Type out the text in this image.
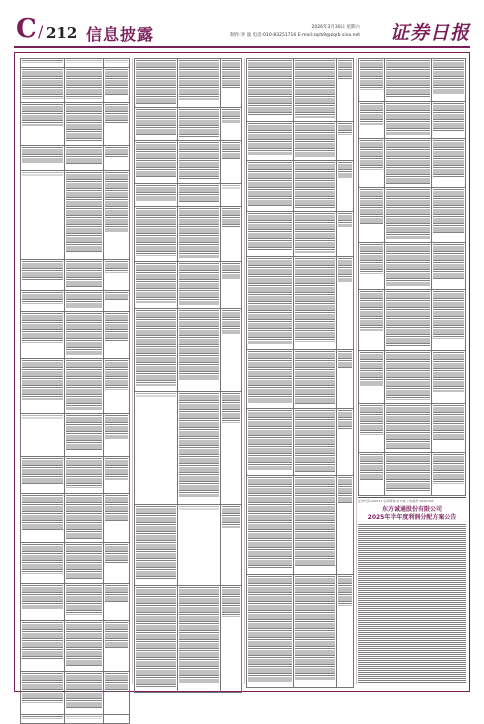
C / 212 信息披露	2026年3月30日 星期六
制作:李 波 电话:010-83251716 E-mail:zqrb9@zqrb.sina.net 证券日报

证券代码:002111 证券简称:东方诚 公告编号:2026-001
东方诚通股份有限公司
2025年半年度利润分配方案公告
